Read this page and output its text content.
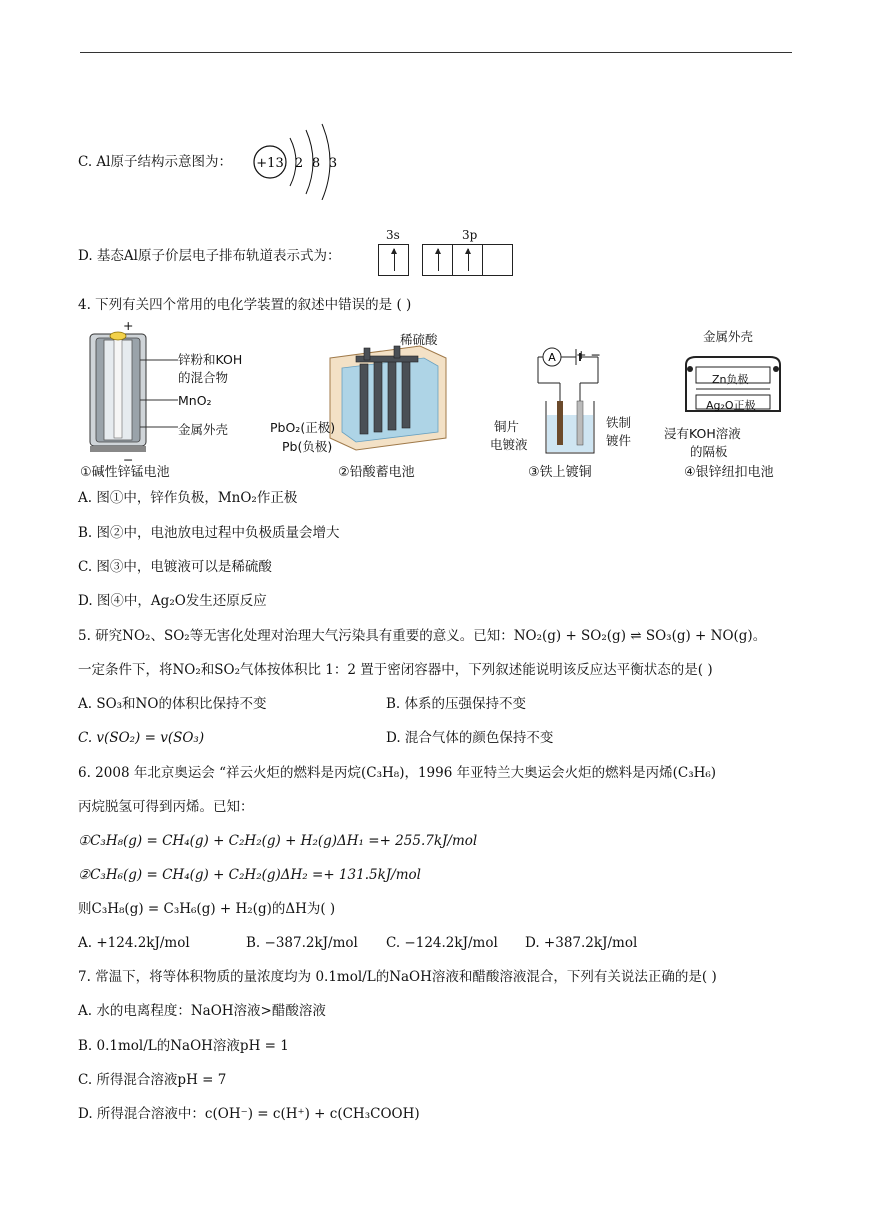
C. Al原子结构示意图为： +13 2 8 3
D. 基态Al原子价层电子排布轨道表示式为：
3s	3p
4. 下列有关四个常用的电化学装置的叙述中错误的是 ( )
+
−
锌粉和KOH
的混合物
MnO₂
金属外壳
①碱性锌锰电池
稀硫酸
PbO₂(正极)
Pb(负极)
②铅酸蓄电池
A + −
铜片
电镀液
铁制
镀件
③铁上镀铜
金属外壳
Zn负极
Ag₂O正极
浸有KOH溶液
的隔板
④银锌纽扣电池
A. 图①中，锌作负极，MnO₂作正极
B. 图②中，电池放电过程中负极质量会增大
C. 图③中，电镀液可以是稀硫酸
D. 图④中，Ag₂O发生还原反应
5. 研究NO₂、SO₂等无害化处理对治理大气污染具有重要的意义。已知：NO₂(g) + SO₂(g) ⇌ SO₃(g) + NO(g)。
一定条件下，将NO₂和SO₂气体按体积比 1：2 置于密闭容器中，下列叙述能说明该反应达平衡状态的是( )
A. SO₃和NO的体积比保持不变	B. 体系的压强保持不变
C. v(SO₂) = v(SO₃)	D. 混合气体的颜色保持不变
6. 2008 年北京奥运会 “祥云火炬的燃料是丙烷(C₃H₈)，1996 年亚特兰大奥运会火炬的燃料是丙烯(C₃H₆)
丙烷脱氢可得到丙烯。已知：
①C₃H₈(g) = CH₄(g) + C₂H₂(g) + H₂(g)ΔH₁ =+ 255.7kJ/mol
②C₃H₆(g) = CH₄(g) + C₂H₂(g)ΔH₂ =+ 131.5kJ/mol
则C₃H₈(g) = C₃H₆(g) + H₂(g)的ΔH为( )
A. +124.2kJ/mol	B. −387.2kJ/mol C. −124.2kJ/mol D. +387.2kJ/mol
7. 常温下，将等体积物质的量浓度均为 0.1mol/L的NaOH溶液和醋酸溶液混合，下列有关说法正确的是( )
A. 水的电离程度：NaOH溶液>醋酸溶液
B. 0.1mol/L的NaOH溶液pH = 1
C. 所得混合溶液pH = 7
D. 所得混合溶液中：c(OH⁻) = c(H⁺) + c(CH₃COOH)
